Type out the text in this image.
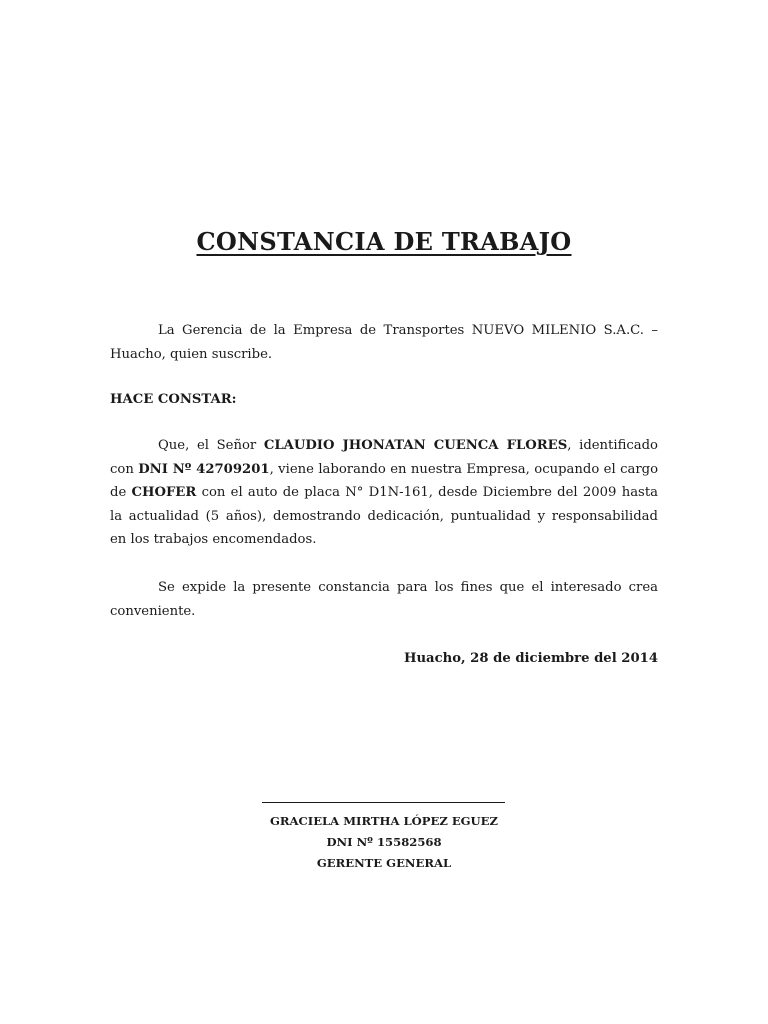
CONSTANCIA DE TRABAJO

La Gerencia de la Empresa de Transportes NUEVO MILENIO S.A.C. – Huacho, quien suscribe.

HACE CONSTAR:

Que, el Señor CLAUDIO JHONATAN CUENCA FLORES, identificado con DNI Nº 42709201, viene laborando en nuestra Empresa, ocupando el cargo de CHOFER con el auto de placa N° D1N-161, desde Diciembre del 2009 hasta la actualidad (5 años), demostrando dedicación, puntualidad y responsabilidad en los trabajos encomendados.

Se expide la presente constancia para los fines que el interesado crea conveniente.

Huacho, 28 de diciembre del 2014
GRACIELA MIRTHA LÓPEZ EGUEZ
DNI Nº 15582568
GERENTE GENERAL
